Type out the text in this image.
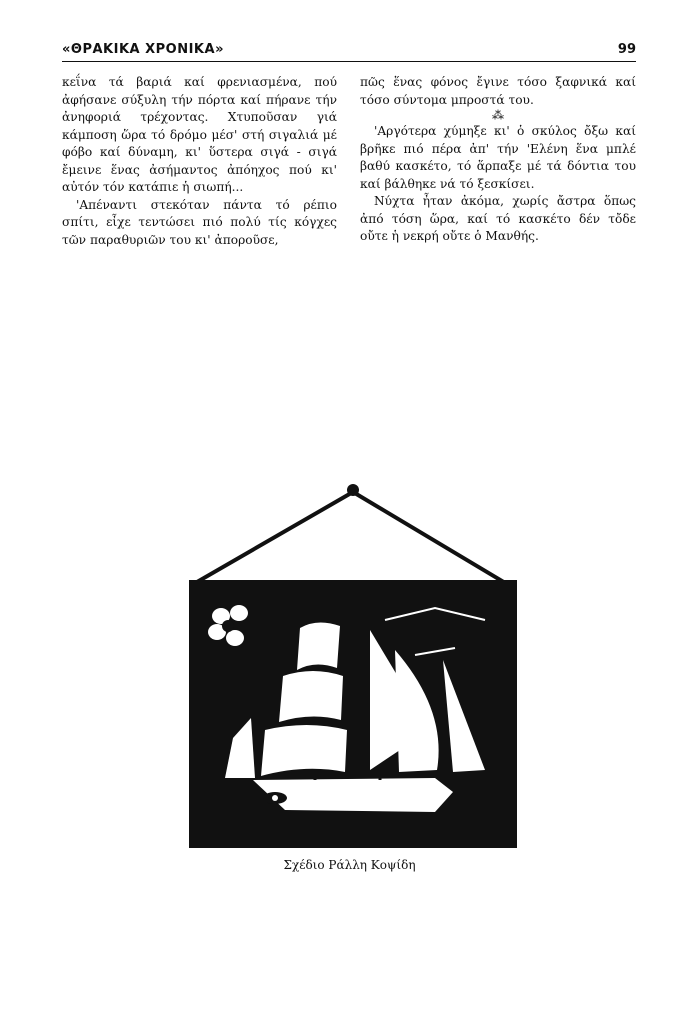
«ΘΡΑΚΙΚΑ ΧΡΟΝΙΚΑ»	99

κεΐνα τά βαριά καί φρενιασμένα, πού ἀφήσανε σύξυλη τήν πόρτα καί πήρανε τήν ἀνηφοριά τρέχοντας. Χτυποῦσαν γιά κάμποση ὥρα τό δρόμο μέσ' στή σιγαλιά μέ φόβο καί δύναμη, κι' ὕστερα σιγά - σιγά ἔμεινε ἕνας ἀσήμαντος ἀπόηχος πού κι' αὐτόν τόν κατάπιε ἡ σιωπή...

'Απέναντι στεκόταν πάντα τό ρέπιο σπίτι, εἶχε τεντώσει πιό πολύ τίς κόγχες τῶν παραθυριῶν του κι' ἀποροῦσε,

πῶς ἕνας φόνος ἔγινε τόσο ξαφνικά καί τόσο σύντομα μπροστά του.

⁂

'Αργότερα χύμηξε κι' ὁ σκύλος ὄξω καί βρῆκε πιό πέρα ἀπ' τήν 'Ελένη ἕνα μπλέ βαθύ κασκέτο, τό ἅρπαξε μέ τά δόντια του καί βάλθηκε νά τό ξεσκίσει.

Νύχτα ἦταν ἀκόμα, χωρίς ἄστρα ὅπως ἀπό τόση ὥρα, καί τό κασκέτο δέν τὄδε οὔτε ἡ νεκρή οὔτε ὁ Μανθής.

Σχέδιο Ράλλη Κοψίδη
